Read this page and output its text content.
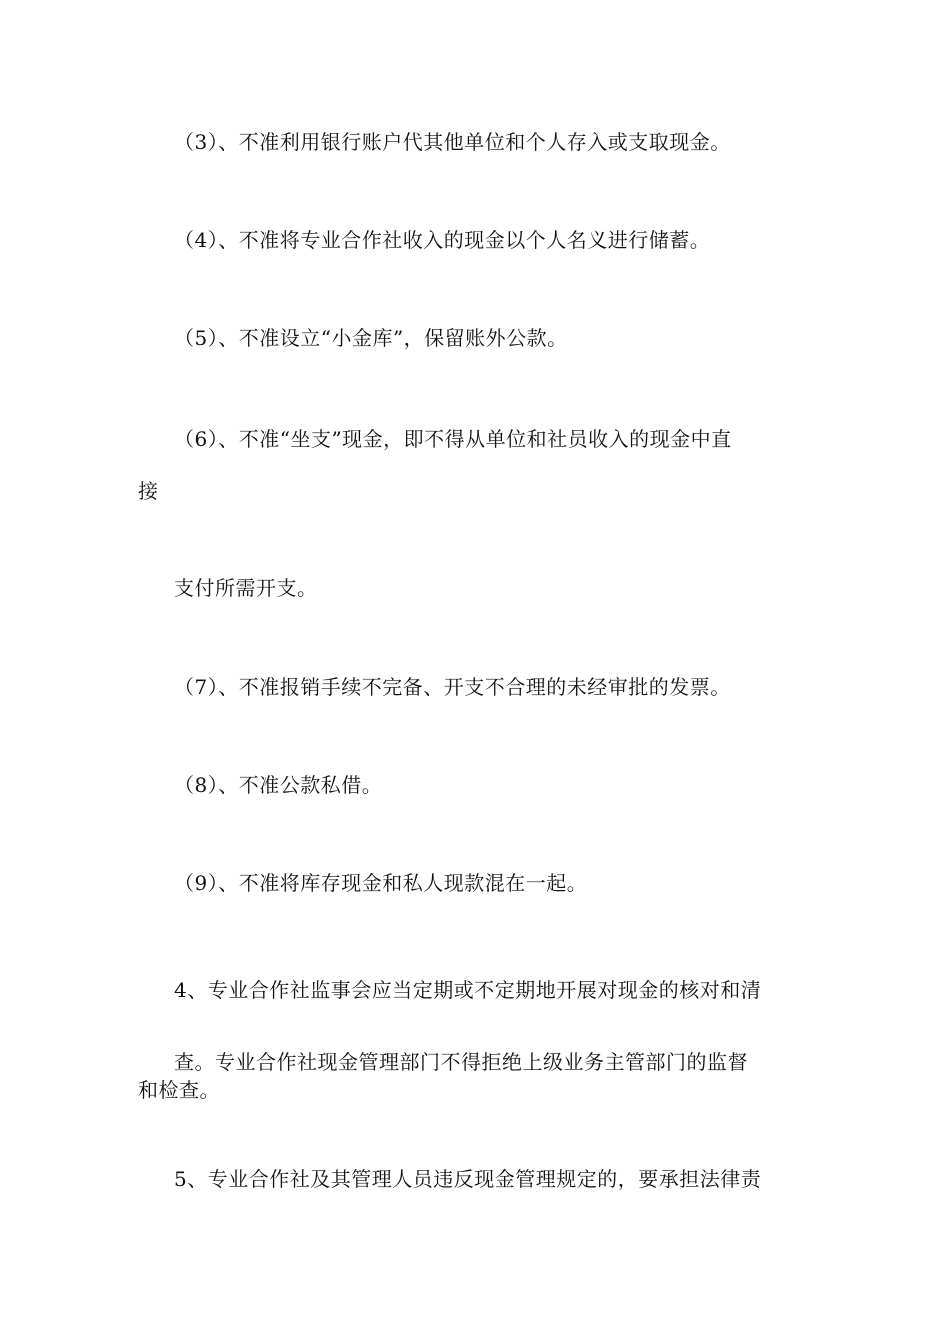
（3）、不准利用银行账户代其他单位和个人存入或支取现金。
（4）、不准将专业合作社收入的现金以个人名义进行储蓄。
（5）、不准设立“小金库”，保留账外公款。
（6）、不准“坐支”现金，即不得从单位和社员收入的现金中直
接
支付所需开支。
（7）、不准报销手续不完备、开支不合理的未经审批的发票。
（8）、不准公款私借。
（9）、不准将库存现金和私人现款混在一起。
4、专业合作社监事会应当定期或不定期地开展对现金的核对和清
查。专业合作社现金管理部门不得拒绝上级业务主管部门的监督
和检查。
5、专业合作社及其管理人员违反现金管理规定的，要承担法律责
